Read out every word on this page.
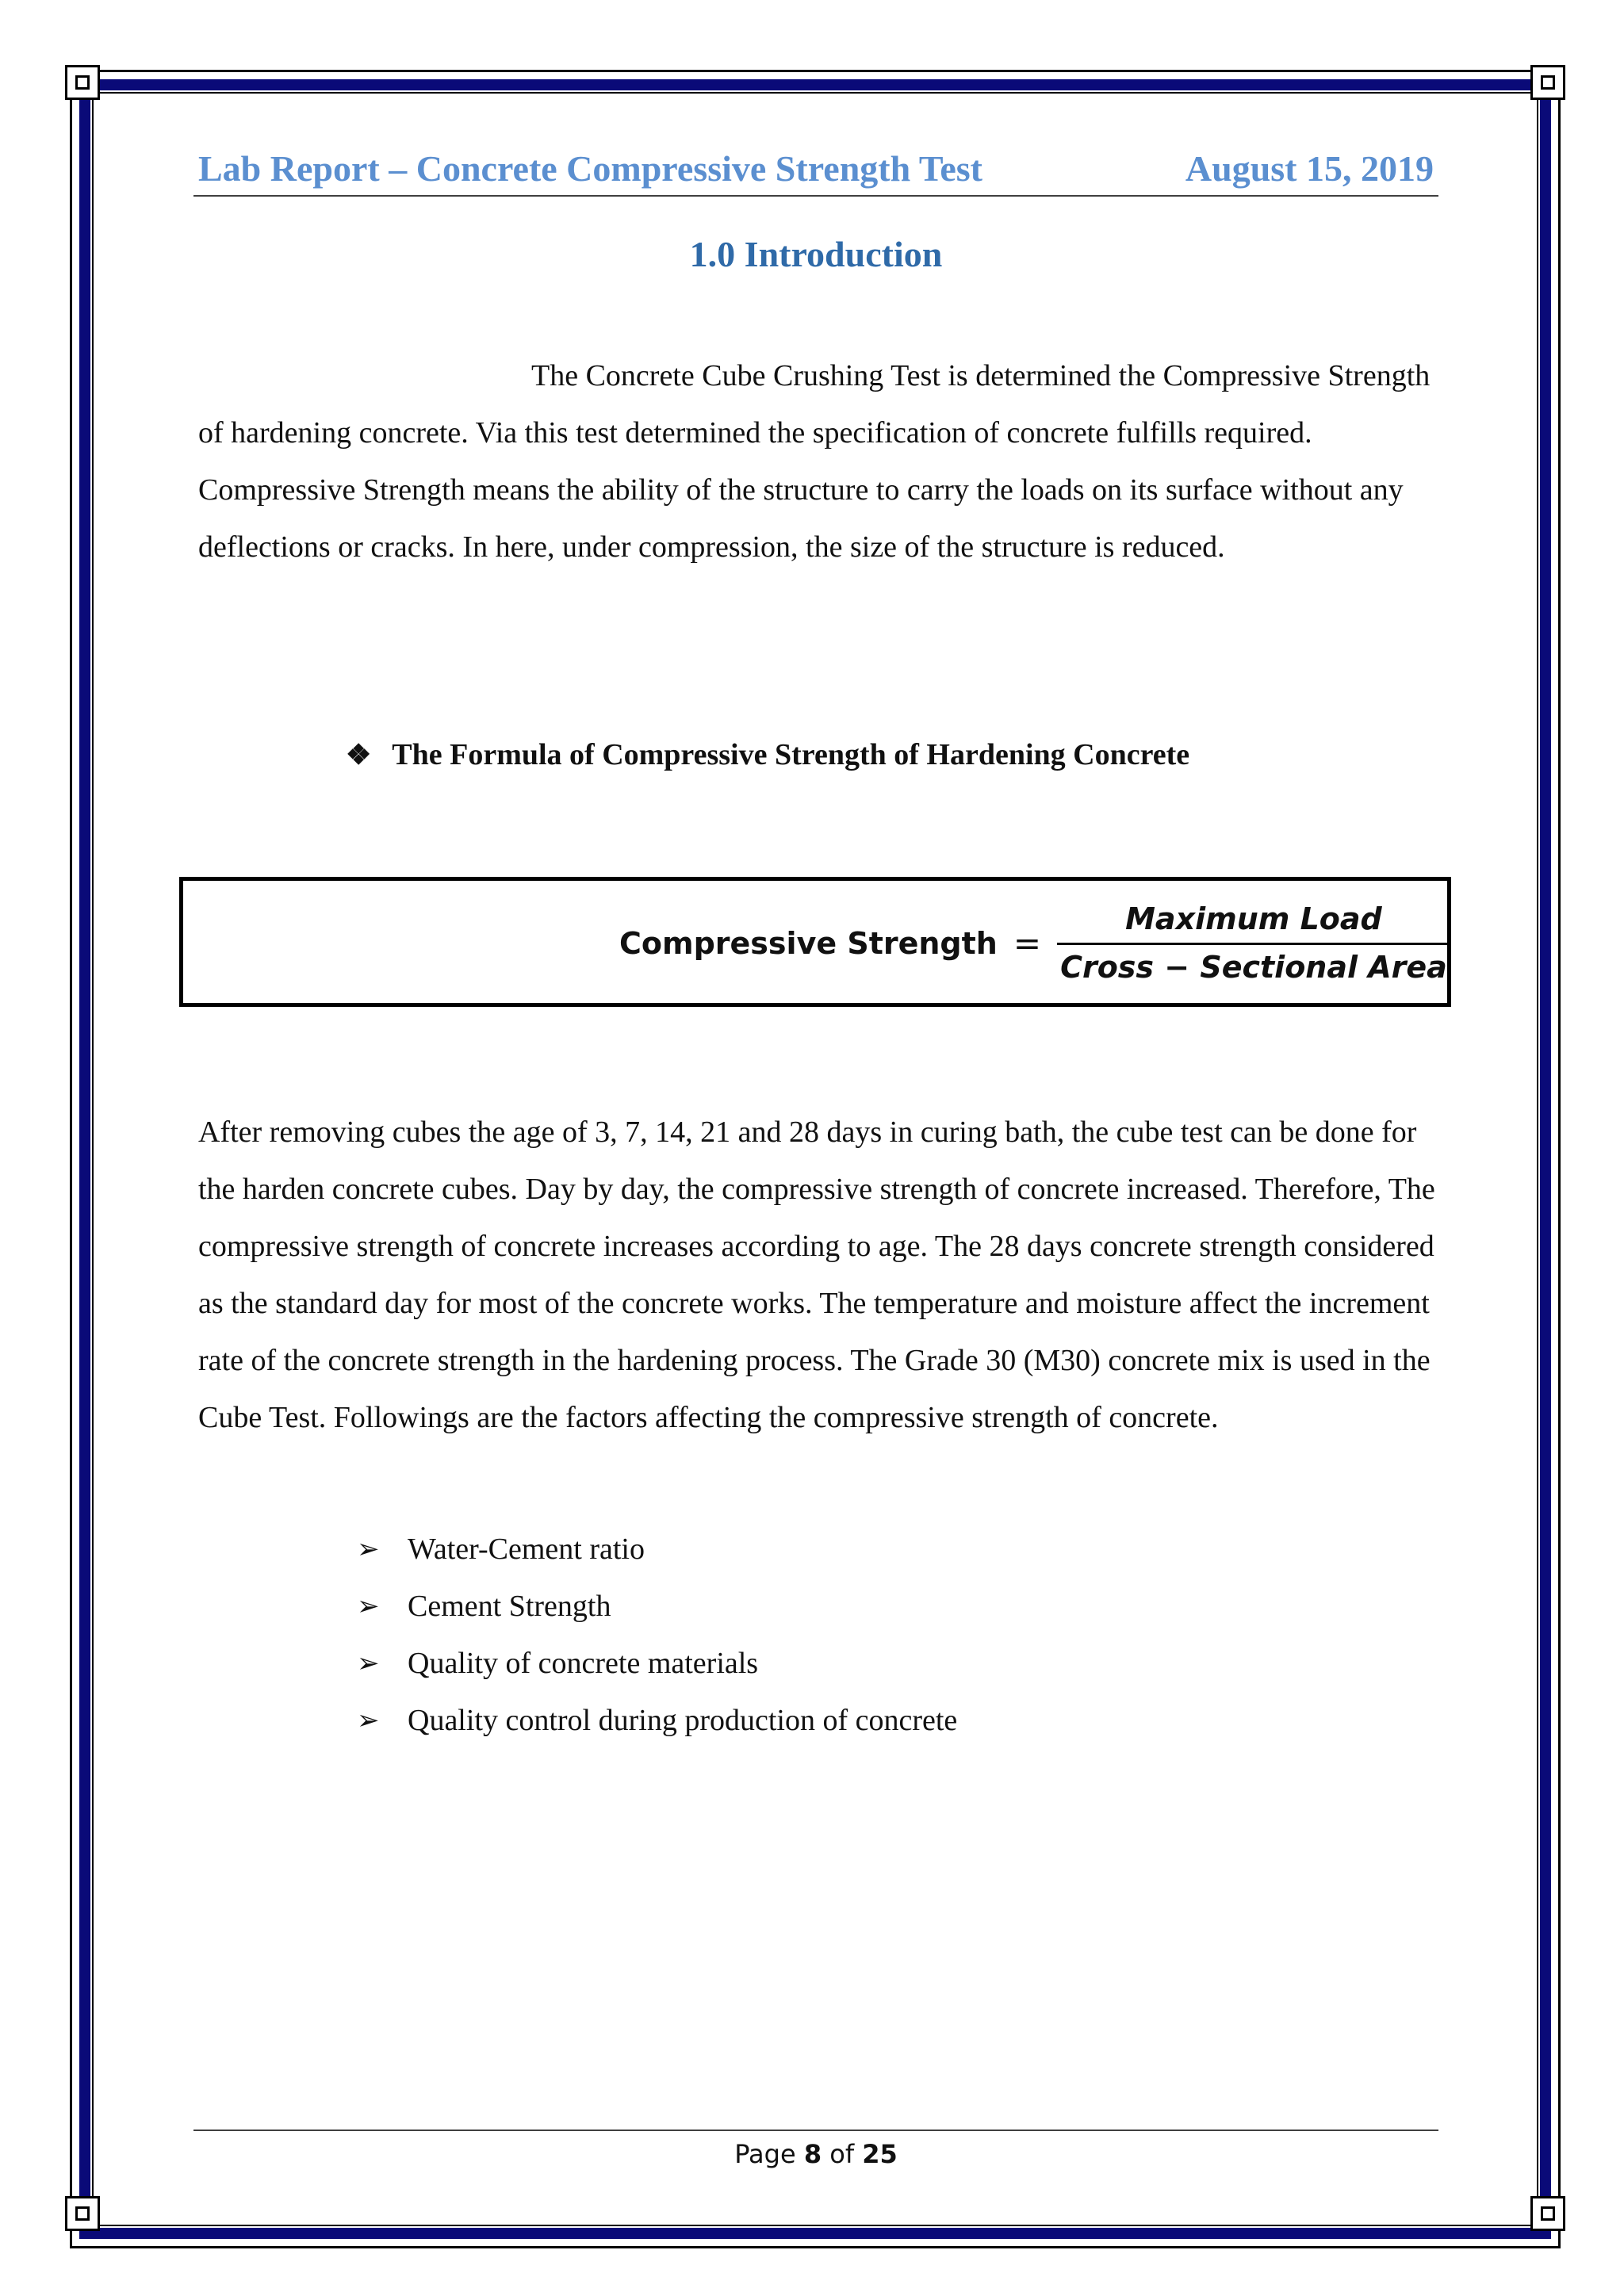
Lab Report – Concrete Compressive Strength Test	August 15, 2019
1.0 Introduction

The Concrete Cube Crushing Test is determined the Compressive Strength of hardening concrete. Via this test determined the specification of concrete fulfills required. Compressive Strength means the ability of the structure to carry the loads on its surface without any deflections or cracks. In here, under compression, the size of the structure is reduced.

❖ The Formula of Compressive Strength of Hardening Concrete
Compressive Strength = $\frac{\text{Maximum Load}}{\text{Cross − Sectional Area}}$

After removing cubes the age of 3, 7, 14, 21 and 28 days in curing bath, the cube test can be done for the harden concrete cubes. Day by day, the compressive strength of concrete increased. Therefore, The compressive strength of concrete increases according to age. The 28 days concrete strength considered as the standard day for most of the concrete works. The temperature and moisture affect the increment rate of the concrete strength in the hardening process. The Grade 30 (M30) concrete mix is used in the Cube Test. Followings are the factors affecting the compressive strength of concrete.

➢ Water-Cement ratio
➢ Cement Strength
➢ Quality of concrete materials
➢ Quality control during production of concrete
Page 8 of 25
